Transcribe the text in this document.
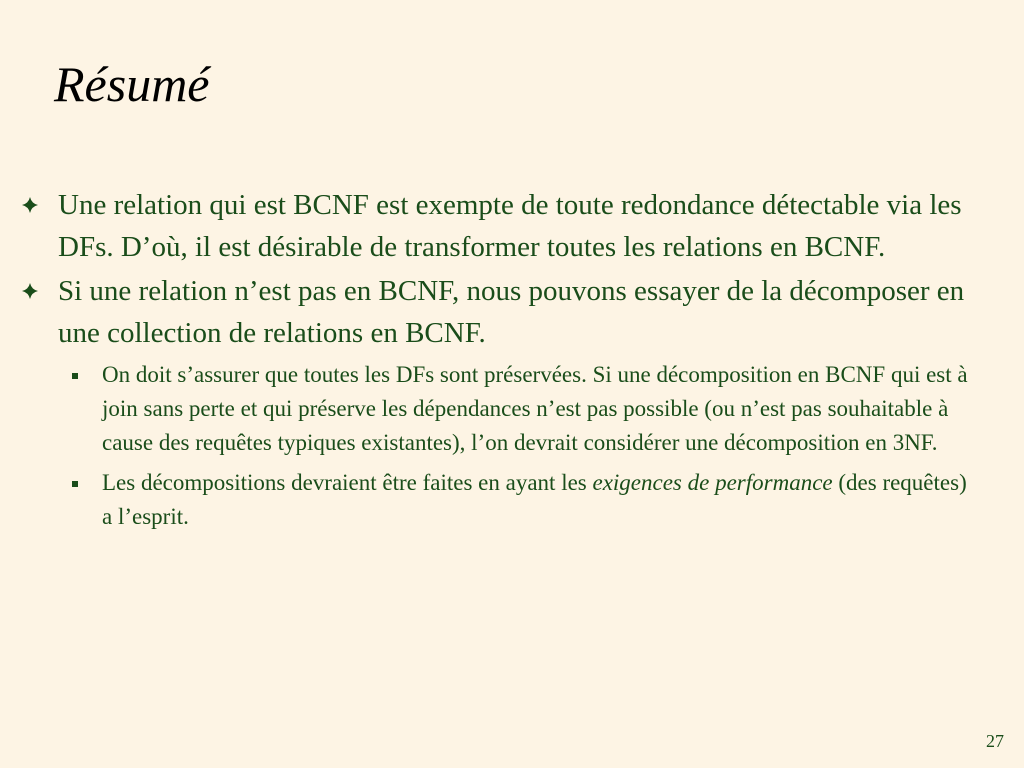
Résumé
Une relation qui est BCNF est exempte de toute redondance détectable via les DFs. D’où, il est désirable de transformer toutes les relations en BCNF.
Si une relation n’est pas en BCNF, nous pouvons essayer de la décomposer en une collection de relations en BCNF.
On doit s’assurer que toutes les DFs sont préservées. Si une décomposition en BCNF qui est à join sans perte et qui préserve les dépendances n’est pas possible (ou n’est pas souhaitable à cause des requêtes typiques existantes), l’on devrait considérer une décomposition en 3NF.
Les décompositions devraient être faites en ayant les exigences de performance (des requêtes) a l’esprit.
27
